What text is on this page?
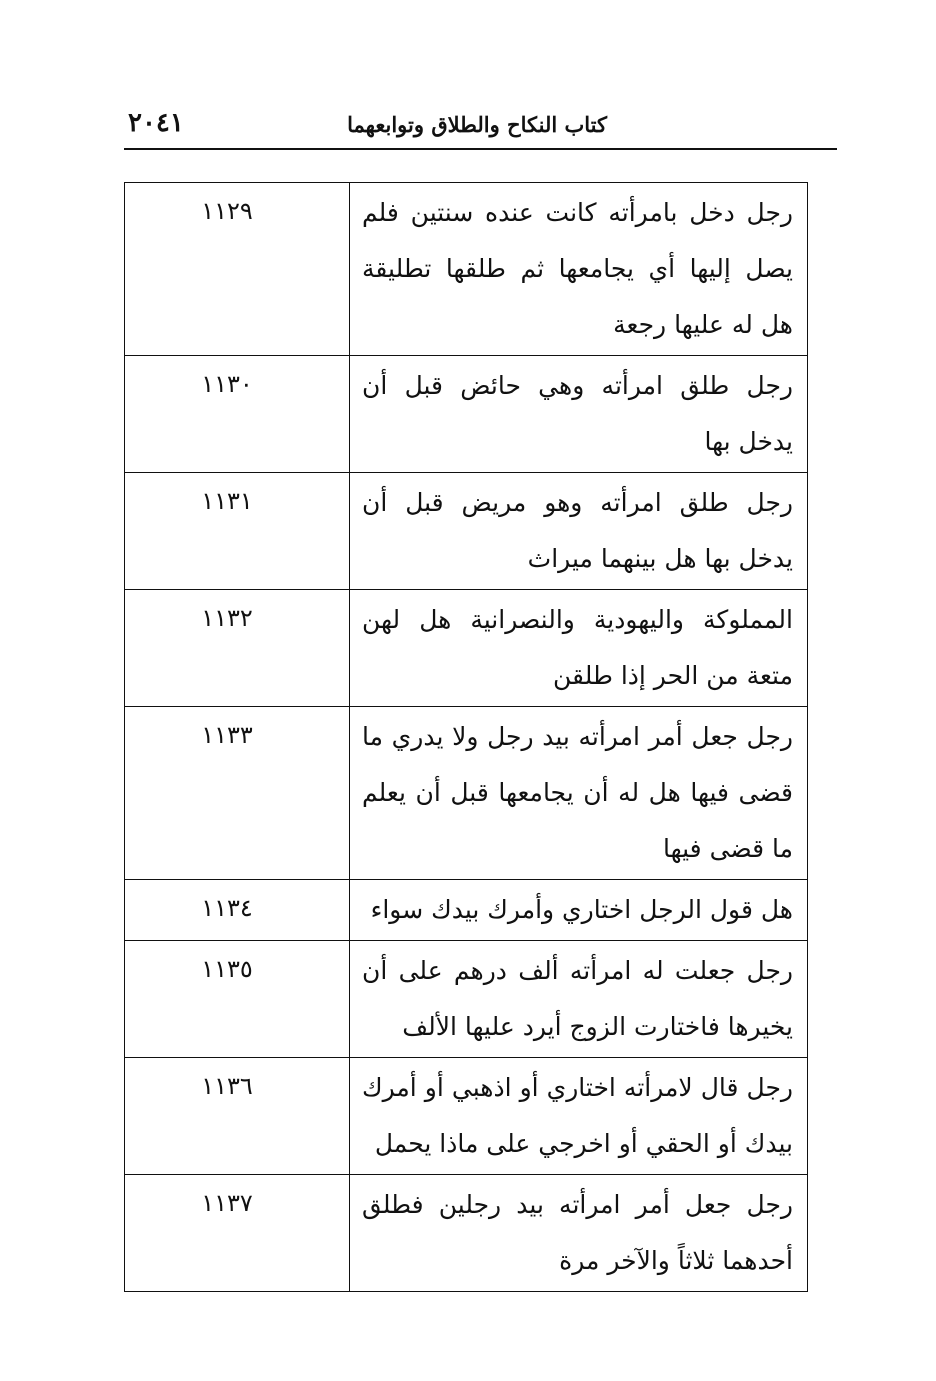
٢٠٤١	كتاب النكاح والطلاق وتوابعهما
١١٢٩	رجل دخل بامرأته كانت عنده سنتين فلم يصل إليها أي يجامعها ثم طلقها تطليقة هل له عليها رجعة
١١٣٠	رجل طلق امرأته وهي حائض قبل أن يدخل بها
١١٣١	رجل طلق امرأته وهو مريض قبل أن يدخل بها هل بينهما ميراث
١١٣٢	المملوكة واليهودية والنصرانية هل لهن متعة من الحر إذا طلقن
١١٣٣	رجل جعل أمر امرأته بيد رجل ولا يدري ما قضى فيها هل له أن يجامعها قبل أن يعلم ما قضى فيها
١١٣٤	هل قول الرجل اختاري وأمرك بيدك سواء
١١٣٥	رجل جعلت له امرأته ألف درهم على أن يخيرها فاختارت الزوج أيرد عليها الألف
١١٣٦	رجل قال لامرأته اختاري أو اذهبي أو أمرك بيدك أو الحقي أو اخرجي على ماذا يحمل
١١٣٧	رجل جعل أمر امرأته بيد رجلين فطلق أحدهما ثلاثاً والآخر مرة
